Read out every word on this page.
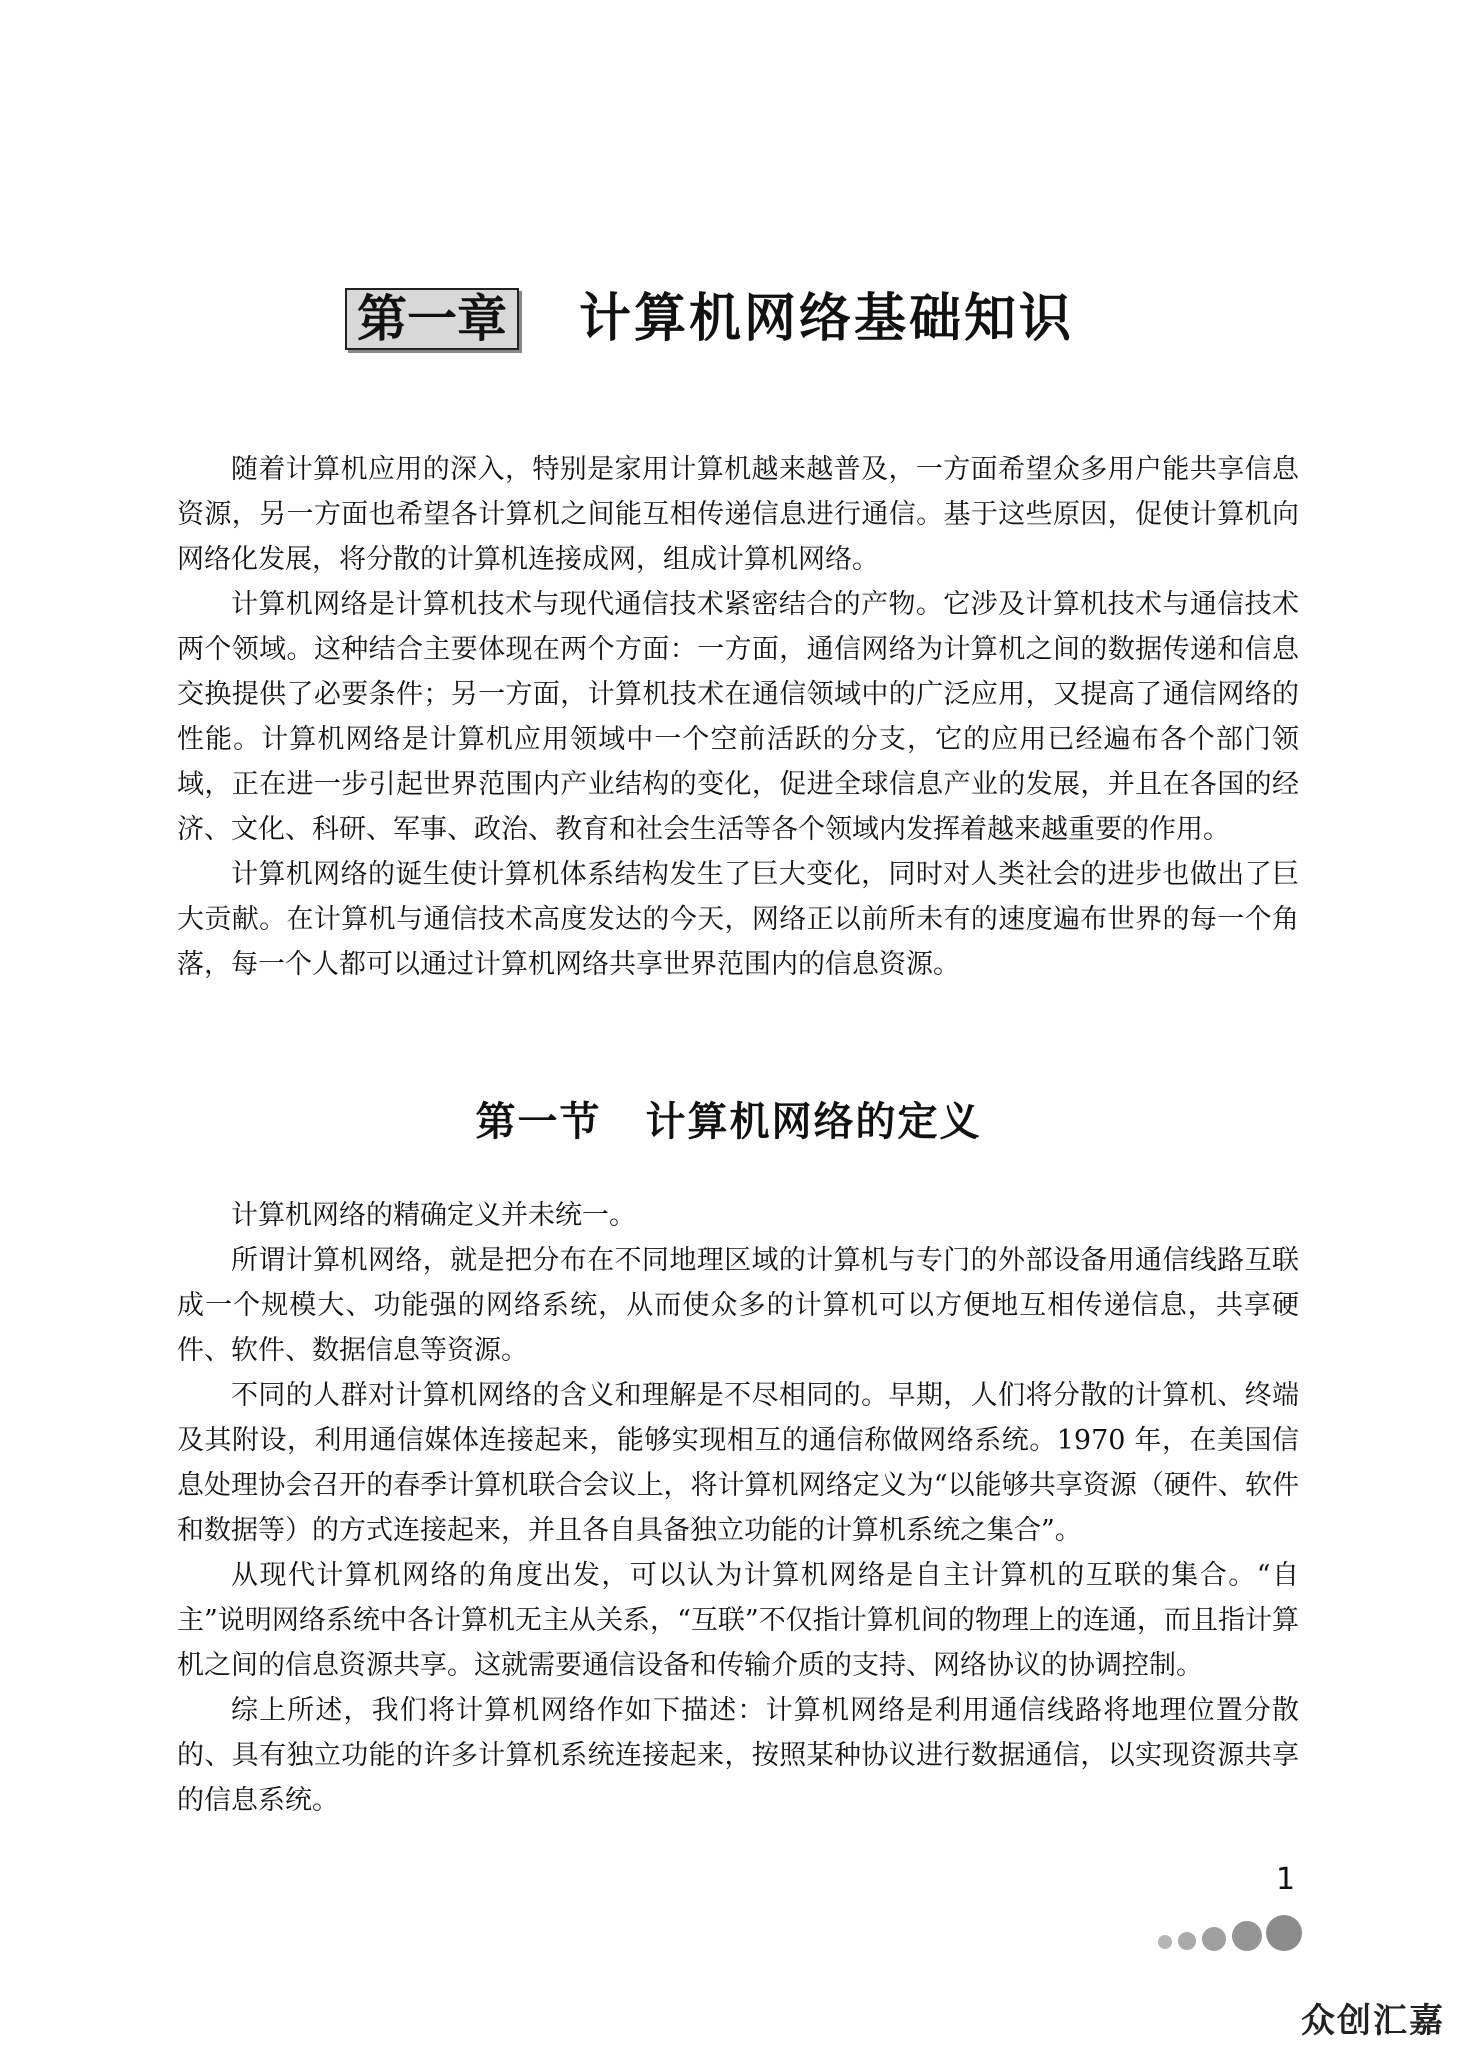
第一章 计算机网络基础知识

随着计算机应用的深入，特别是家用计算机越来越普及，一方面希望众多用户能共享信息资源，另一方面也希望各计算机之间能互相传递信息进行通信。基于这些原因，促使计算机向网络化发展，将分散的计算机连接成网，组成计算机网络。

计算机网络是计算机技术与现代通信技术紧密结合的产物。它涉及计算机技术与通信技术两个领域。这种结合主要体现在两个方面：一方面，通信网络为计算机之间的数据传递和信息交换提供了必要条件；另一方面，计算机技术在通信领域中的广泛应用，又提高了通信网络的性能。计算机网络是计算机应用领域中一个空前活跃的分支，它的应用已经遍布各个部门领域，正在进一步引起世界范围内产业结构的变化，促进全球信息产业的发展，并且在各国的经济、文化、科研、军事、政治、教育和社会生活等各个领域内发挥着越来越重要的作用。

计算机网络的诞生使计算机体系结构发生了巨大变化，同时对人类社会的进步也做出了巨大贡献。在计算机与通信技术高度发达的今天，网络正以前所未有的速度遍布世界的每一个角落，每一个人都可以通过计算机网络共享世界范围内的信息资源。

第一节 计算机网络的定义

计算机网络的精确定义并未统一。

所谓计算机网络，就是把分布在不同地理区域的计算机与专门的外部设备用通信线路互联成一个规模大、功能强的网络系统，从而使众多的计算机可以方便地互相传递信息，共享硬件、软件、数据信息等资源。

不同的人群对计算机网络的含义和理解是不尽相同的。早期，人们将分散的计算机、终端及其附设，利用通信媒体连接起来，能够实现相互的通信称做网络系统。1970 年，在美国信息处理协会召开的春季计算机联合会议上，将计算机网络定义为“以能够共享资源（硬件、软件和数据等）的方式连接起来，并且各自具备独立功能的计算机系统之集合”。

从现代计算机网络的角度出发，可以认为计算机网络是自主计算机的互联的集合。“自主”说明网络系统中各计算机无主从关系，“互联”不仅指计算机间的物理上的连通，而且指计算机之间的信息资源共享。这就需要通信设备和传输介质的支持、网络协议的协调控制。

综上所述，我们将计算机网络作如下描述：计算机网络是利用通信线路将地理位置分散的、具有独立功能的许多计算机系统连接起来，按照某种协议进行数据通信，以实现资源共享的信息系统。

1
众创汇嘉
